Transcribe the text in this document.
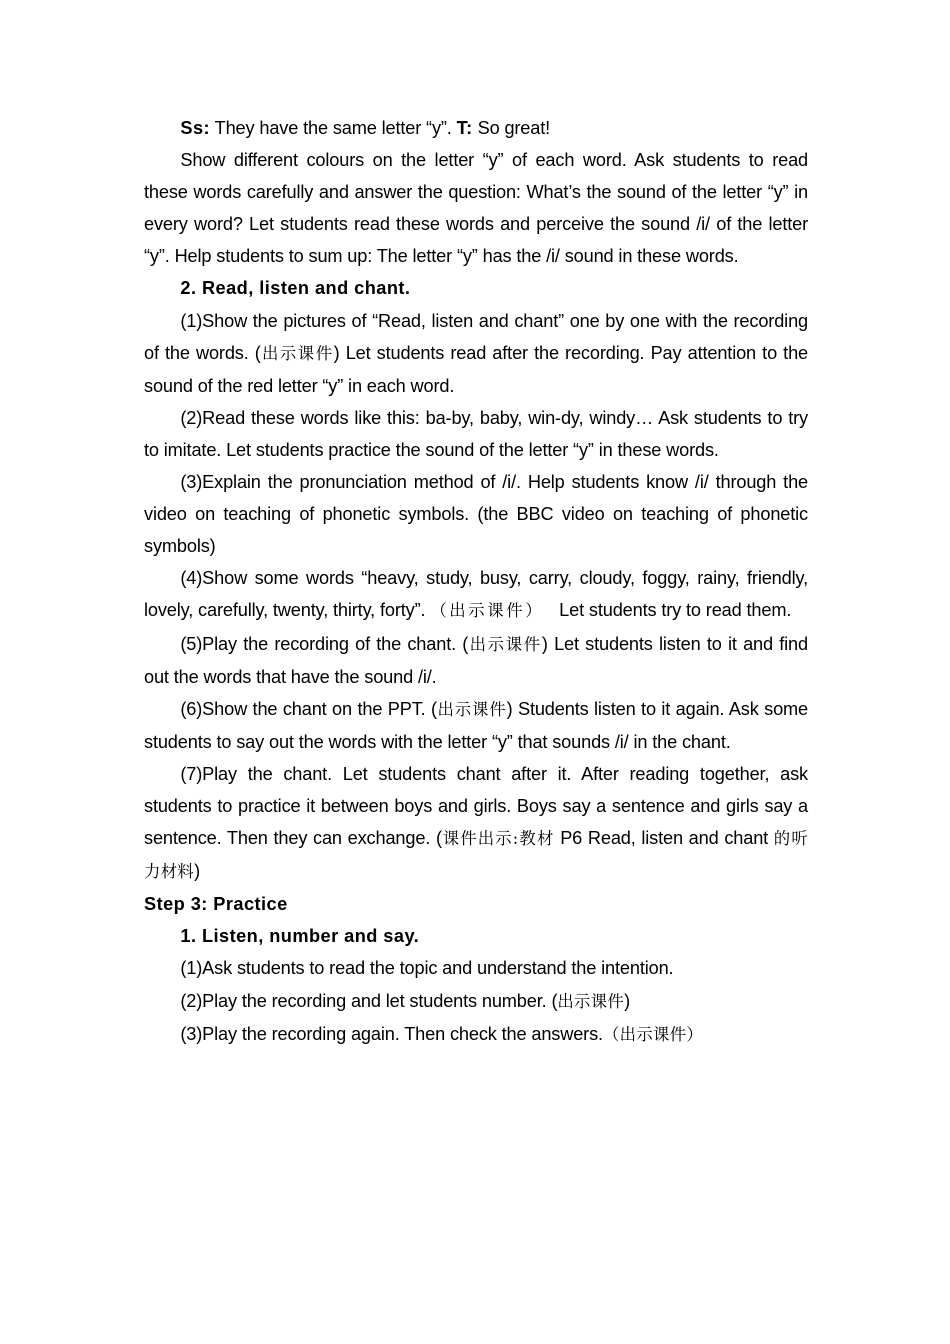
Ss: They have the same letter “y”. T: So great!

Show different colours on the letter “y” of each word. Ask students to read these words carefully and answer the question: What’s the sound of the letter “y” in every word? Let students read these words and perceive the sound /i/ of the letter “y”. Help students to sum up: The letter “y” has the /i/ sound in these words.

2. Read, listen and chant.

(1)Show the pictures of “Read, listen and chant” one by one with the recording of the words. (出示课件) Let students read after the recording. Pay attention to the sound of the red letter “y” in each word.

(2)Read these words like this: ba-by, baby, win-dy, windy… Ask students to try to imitate. Let students practice the sound of the letter “y” in these words.

(3)Explain the pronunciation method of /i/. Help students know /i/ through the video on teaching of phonetic symbols. (the BBC video on teaching of phonetic symbols)

(4)Show some words “heavy, study, busy, carry, cloudy, foggy, rainy, friendly, lovely, carefully, twenty, thirty, forty”. （出示课件） Let students try to read them.

(5)Play the recording of the chant. (出示课件) Let students listen to it and find out the words that have the sound /i/.

(6)Show the chant on the PPT. (出示课件) Students listen to it again. Ask some students to say out the words with the letter “y” that sounds /i/ in the chant.

(7)Play the chant. Let students chant after it. After reading together, ask students to practice it between boys and girls. Boys say a sentence and girls say a sentence. Then they can exchange. (课件出示:教材 P6 Read, listen and chant 的听力材料)

Step 3: Practice

1. Listen, number and say.

(1)Ask students to read the topic and understand the intention.

(2)Play the recording and let students number. (出示课件)

(3)Play the recording again. Then check the answers.（出示课件）
